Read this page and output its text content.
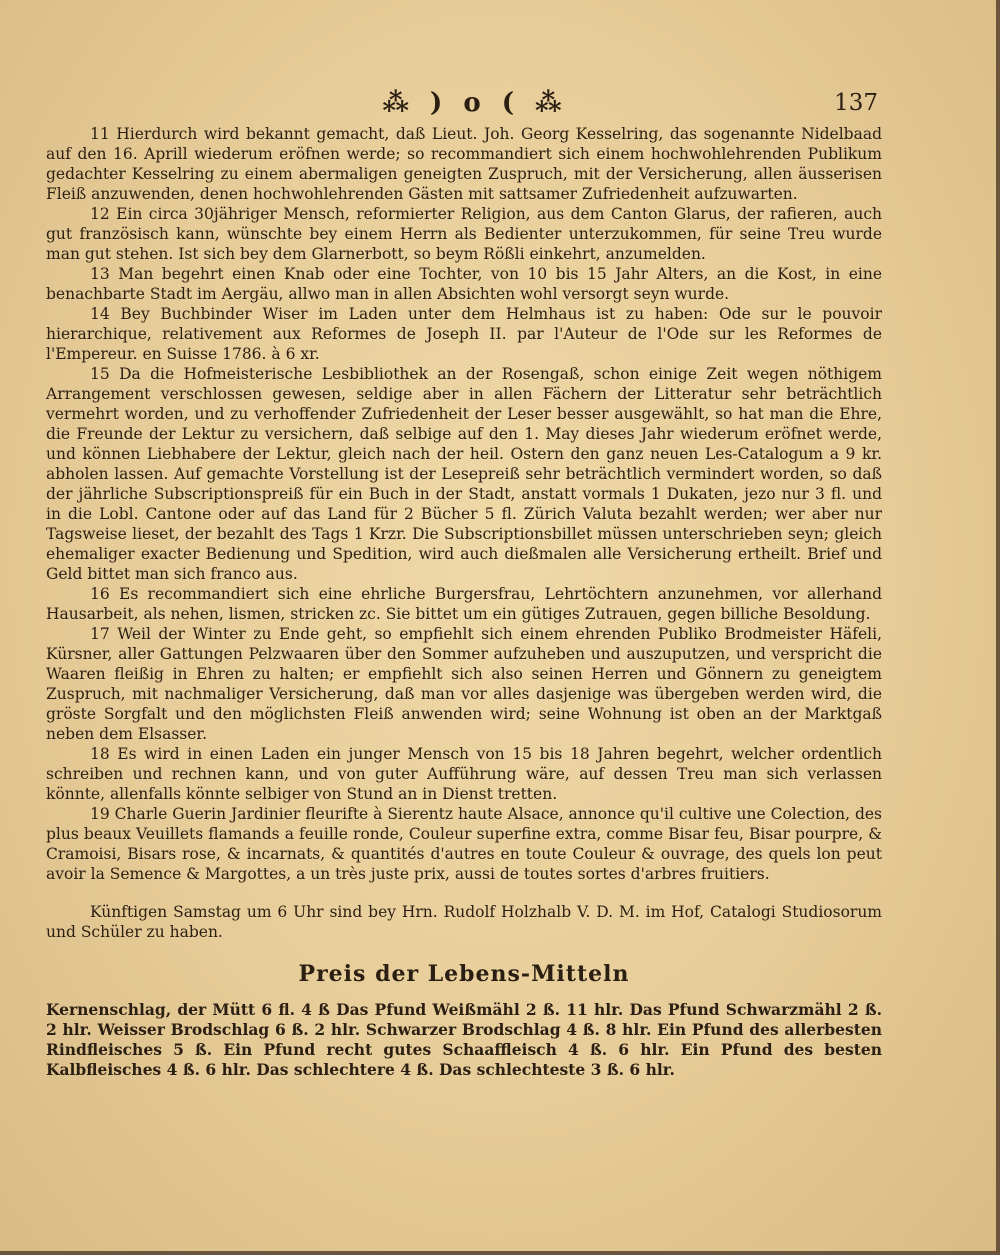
⁂ ) o ( ⁂	137

11 Hierdurch wird bekannt gemacht, daß Lieut. Joh. Georg Kesselring, das sogenannte Nidelbaad auf den 16. Aprill wiederum eröfnen werde; so recommandiert sich einem hochwohlehrenden Publikum gedachter Kesselring zu einem abermaligen geneigten Zuspruch, mit der Versicherung, allen äusserisen Fleiß anzuwenden, denen hochwohlehrenden Gästen mit sattsamer Zufriedenheit aufzuwarten.

12 Ein circa 30jähriger Mensch, reformierter Religion, aus dem Canton Glarus, der rafieren, auch gut französisch kann, wünschte bey einem Herrn als Bedienter unterzukommen, für seine Treu wurde man gut stehen. Ist sich bey dem Glarnerbott, so beym Rößli einkehrt, anzumelden.

13 Man begehrt einen Knab oder eine Tochter, von 10 bis 15 Jahr Alters, an die Kost, in eine benachbarte Stadt im Aergäu, allwo man in allen Absichten wohl versorgt seyn wurde.

14 Bey Buchbinder Wiser im Laden unter dem Helmhaus ist zu haben: Ode sur le pouvoir hierarchique, relativement aux Reformes de Joseph II. par l'Auteur de l'Ode sur les Reformes de l'Empereur. en Suisse 1786. à 6 xr.

15 Da die Hofmeisterische Lesbibliothek an der Rosengaß, schon einige Zeit wegen nöthigem Arrangement verschlossen gewesen, seldige aber in allen Fächern der Litteratur sehr beträchtlich vermehrt worden, und zu verhoffender Zufriedenheit der Leser besser ausgewählt, so hat man die Ehre, die Freunde der Lektur zu versichern, daß selbige auf den 1. May dieses Jahr wiederum eröfnet werde, und können Liebhabere der Lektur, gleich nach der heil. Ostern den ganz neuen Les-Catalogum a 9 kr. abholen lassen. Auf gemachte Vorstellung ist der Lesepreiß sehr beträchtlich vermindert worden, so daß der jährliche Subscriptionspreiß für ein Buch in der Stadt, anstatt vormals 1 Dukaten, jezo nur 3 fl. und in die Lobl. Cantone oder auf das Land für 2 Bücher 5 fl. Zürich Valuta bezahlt werden; wer aber nur Tagsweise lieset, der bezahlt des Tags 1 Krzr. Die Subscriptionsbillet müssen unterschrieben seyn; gleich ehemaliger exacter Bedienung und Spedition, wird auch dießmalen alle Versicherung ertheilt. Brief und Geld bittet man sich franco aus.

16 Es recommandiert sich eine ehrliche Burgersfrau, Lehrtöchtern anzunehmen, vor allerhand Hausarbeit, als nehen, lismen, stricken zc. Sie bittet um ein gütiges Zutrauen, gegen billiche Besoldung.

17 Weil der Winter zu Ende geht, so empfiehlt sich einem ehrenden Publiko Brodmeister Häfeli, Kürsner, aller Gattungen Pelzwaaren über den Sommer aufzuheben und auszuputzen, und verspricht die Waaren fleißig in Ehren zu halten; er empfiehlt sich also seinen Herren und Gönnern zu geneigtem Zuspruch, mit nachmaliger Versicherung, daß man vor alles dasjenige was übergeben werden wird, die gröste Sorgfalt und den möglichsten Fleiß anwenden wird; seine Wohnung ist oben an der Marktgaß neben dem Elsasser.

18 Es wird in einen Laden ein junger Mensch von 15 bis 18 Jahren begehrt, welcher ordentlich schreiben und rechnen kann, und von guter Aufführung wäre, auf dessen Treu man sich verlassen könnte, allenfalls könnte selbiger von Stund an in Dienst tretten.

19 Charle Guerin Jardinier fleurifte à Sierentz haute Alsace, annonce qu'il cultive une Colection, des plus beaux Veuillets flamands a feuille ronde, Couleur superfine extra, comme Bisar feu, Bisar pourpre, & Cramoisi, Bisars rose, & incarnats, & quantités d'autres en toute Couleur & ouvrage, des quels lon peut avoir la Semence & Margottes, a un très juste prix, aussi de toutes sortes d'arbres fruitiers.

Künftigen Samstag um 6 Uhr sind bey Hrn. Rudolf Holzhalb V. D. M. im Hof, Catalogi Studiosorum und Schüler zu haben.

Preis der Lebens-Mitteln

Kernenschlag, der Mütt 6 fl. 4 ß Das Pfund Weißmähl 2 ß. 11 hlr. Das Pfund Schwarzmähl 2 ß. 2 hlr. Weisser Brodschlag 6 ß. 2 hlr. Schwarzer Brodschlag 4 ß. 8 hlr. Ein Pfund des allerbesten Rindfleisches 5 ß. Ein Pfund recht gutes Schaaffleisch 4 ß. 6 hlr. Ein Pfund des besten Kalbfleisches 4 ß. 6 hlr. Das schlechtere 4 ß. Das schlechteste 3 ß. 6 hlr.
